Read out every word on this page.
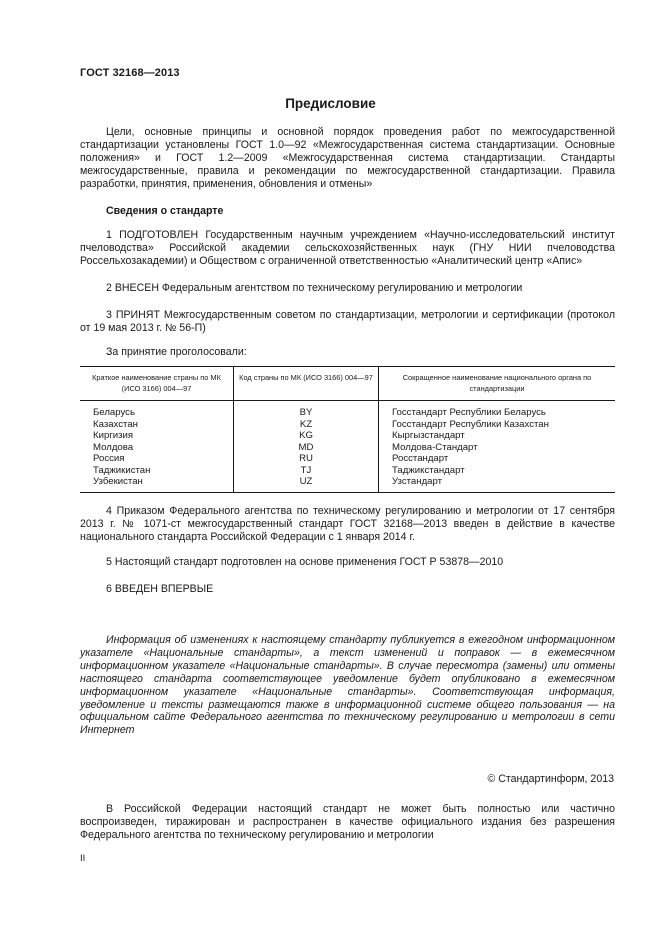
ГОСТ 32168—2013
Предисловие

Цели, основные принципы и основной порядок проведения работ по межгосударственной стандартизации установлены ГОСТ 1.0—92 «Межгосударственная система стандартизации. Основные положения» и ГОСТ 1.2—2009 «Межгосударственная система стандартизации. Стандарты межгосударственные, правила и рекомендации по межгосударственной стандартизации. Правила разработки, принятия, применения, обновления и отмены»

Сведения о стандарте

1 ПОДГОТОВЛЕН Государственным научным учреждением «Научно-исследовательский институт пчеловодства» Российской академии сельскохозяйственных наук (ГНУ НИИ пчеловодства Россельхозакадемии) и Обществом с ограниченной ответственностью «Аналитический центр «Апис»

2 ВНЕСЕН Федеральным агентством по техническому регулированию и метрологии

3 ПРИНЯТ Межгосударственным советом по стандартизации, метрологии и сертификации (протокол от 19 мая 2013 г. № 56-П)

За принятие проголосовали:
Краткое наименование страны по МК (ИСО 3166) 004—97	Код страны по МК (ИСО 3166) 004—97	Сокращенное наименование национального органа по стандартизации
Беларусь	BY	Госстандарт Республики Беларусь
Казахстан	KZ	Госстандарт Республики Казахстан
Киргизия	KG	Кыргызстандарт
Молдова	MD	Молдова-Стандарт
Россия	RU	Росстандарт
Таджикистан	TJ	Таджикстандарт
Узбекистан	UZ	Узстандарт

4 Приказом Федерального агентства по техническому регулированию и метрологии от 17 сентября 2013 г. № 1071-ст межгосударственный стандарт ГОСТ 32168—2013 введен в действие в качестве национального стандарта Российской Федерации с 1 января 2014 г.

5 Настоящий стандарт подготовлен на основе применения ГОСТ Р 53878—2010

6 ВВЕДЕН ВПЕРВЫЕ

Информация об изменениях к настоящему стандарту публикуется в ежегодном информационном указателе «Национальные стандарты», а текст изменений и поправок — в ежемесячном информационном указателе «Национальные стандарты». В случае пересмотра (замены) или отмены настоящего стандарта соответствующее уведомление будет опубликовано в ежемесячном информационном указателе «Национальные стандарты». Соответствующая информация, уведомление и тексты размещаются также в информационной системе общего пользования — на официальном сайте Федерального агентства по техническому регулированию и метрологии в сети Интернет

© Стандартинформ, 2013

В Российской Федерации настоящий стандарт не может быть полностью или частично воспроизведен, тиражирован и распространен в качестве официального издания без разрешения Федерального агентства по техническому регулированию и метрологии

II
